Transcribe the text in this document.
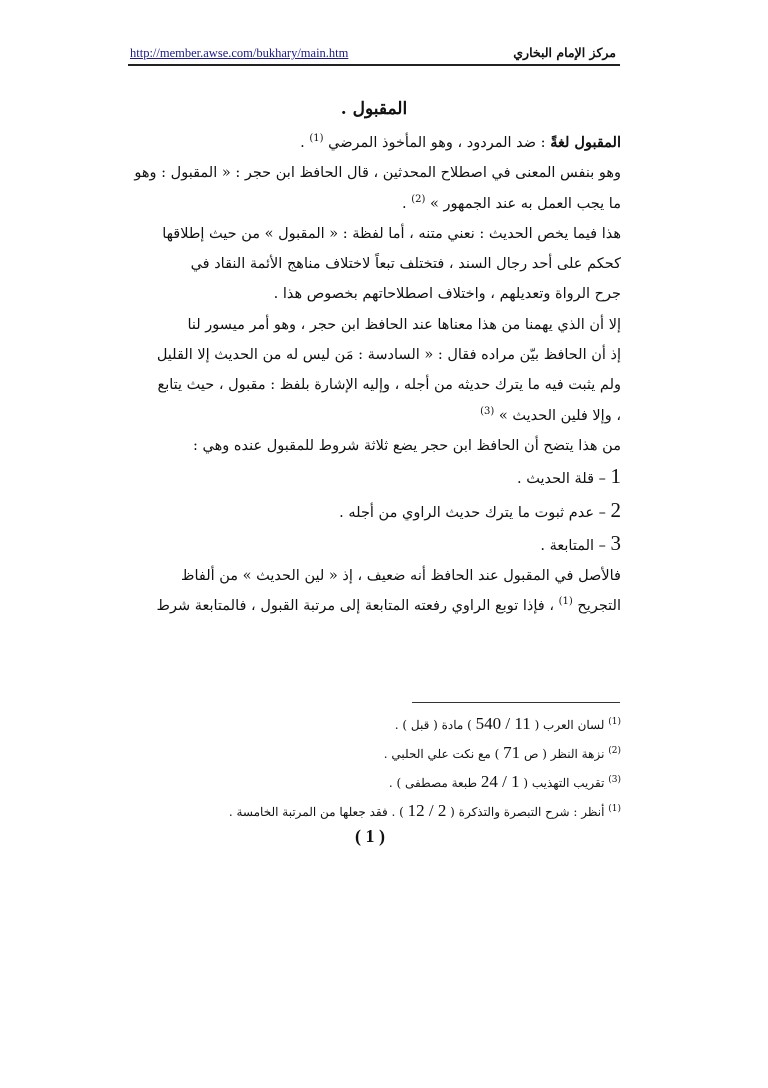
http://member.awse.com/bukhary/main.htm	مركز الإمام البخاري
المقبول .
المقبول لغةً : ضد المردود ، وهو المأخوذ المرضي $^{(1)}$ .
وهو بنفس المعنى في اصطلاح المحدثين ، قال الحافظ ابن حجر : « المقبول : وهو
ما يجب العمل به عند الجمهور » $^{(2)}$ .
هذا فيما يخص الحديث : نعني متنه ، أما لفظة : « المقبول » من حيث إطلاقها
كحكم على أحد رجال السند ، فتختلف تبعاً لاختلاف مناهج الأئمة النقاد في
جرح الرواة وتعديلهم ، واختلاف اصطلاحاتهم بخصوص هذا .
إلا أن الذي يهمنا من هذا معناها عند الحافظ ابن حجر ، وهو أمر ميسور لنا
إذ أن الحافظ بيّن مراده فقال : « السادسة : مَن ليس له من الحديث إلا القليل
ولم يثبت فيه ما يترك حديثه من أجله ، وإليه الإشارة بلفظ : مقبول ، حيث يتابع
، وإلا فلين الحديث » $^{(3)}$
من هذا يتضح أن الحافظ ابن حجر يضع ثلاثة شروط للمقبول عنده وهي :
1 – قلة الحديث .
2 – عدم ثبوت ما يترك حديث الراوي من أجله .
3 – المتابعة .
فالأصل في المقبول عند الحافظ أنه ضعيف ، إذ « لين الحديث » من ألفاظ
التجريح $^{(1)}$ ، فإذا توبع الراوي رفعته المتابعة إلى مرتبة القبول ، فالمتابعة شرط
$^{(1)}$ لسان العرب ( 11 / 540 ) مادة ( قبل ) .
$^{(2)}$ نزهة النظر ( ص 71 ) مع نكت علي الحلبي .
$^{(3)}$ تقريب التهذيب ( 1 / 24 طبعة مصطفى ) .
$^{(1)}$ أنظر : شرح التبصرة والتذكرة ( 2 / 12 ) . فقد جعلها من المرتبة الخامسة .
( 1 )
